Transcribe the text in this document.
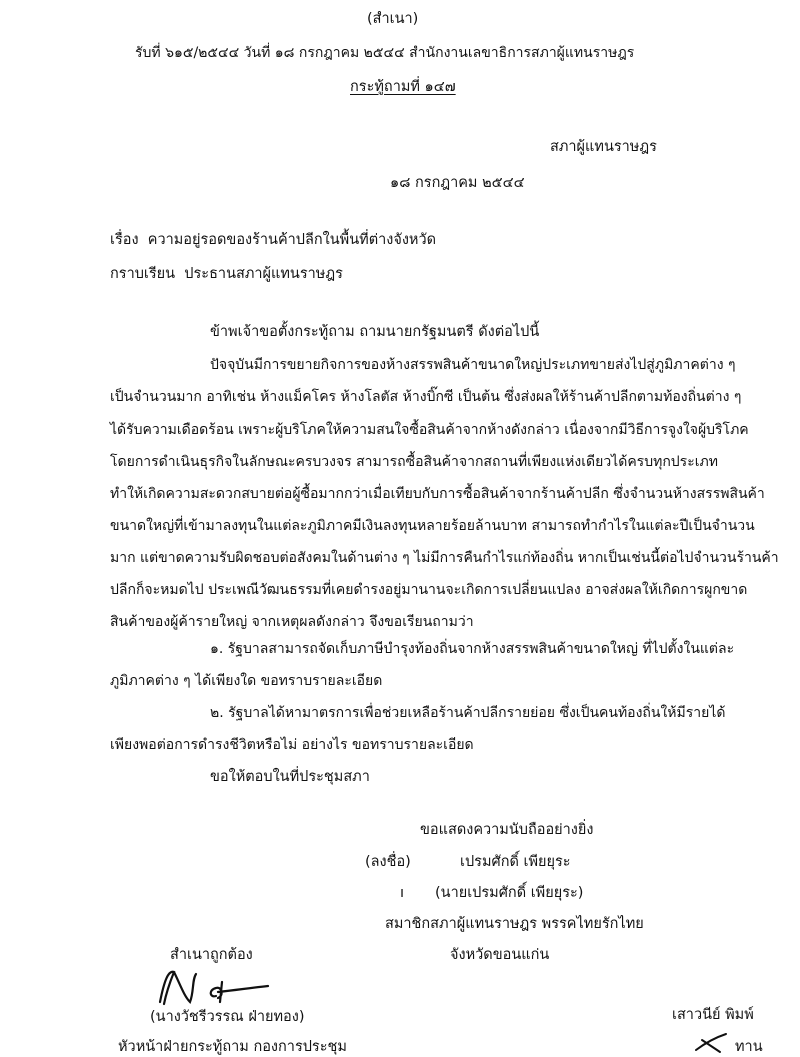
(สำเนา)
รับที่ ๖๑๕/๒๕๔๔ วันที่ ๑๘ กรกฎาคม ๒๕๔๔ สำนักงานเลขาธิการสภาผู้แทนราษฎร
กระทู้ถามที่ ๑๔๗
สภาผู้แทนราษฎร
๑๘ กรกฎาคม ๒๕๔๔
เรื่อง ความอยู่รอดของร้านค้าปลีกในพื้นที่ต่างจังหวัด
กราบเรียน ประธานสภาผู้แทนราษฎร
ข้าพเจ้าขอตั้งกระทู้ถาม ถามนายกรัฐมนตรี ดังต่อไปนี้
ปัจจุบันมีการขยายกิจการของห้างสรรพสินค้าขนาดใหญ่ประเภทขายส่งไปสู่ภูมิภาคต่าง ๆ
เป็นจำนวนมาก อาทิเช่น ห้างแม็คโคร ห้างโลตัส ห้างบิ๊กซี เป็นต้น ซึ่งส่งผลให้ร้านค้าปลีกตามท้องถิ่นต่าง ๆ
ได้รับความเดือดร้อน เพราะผู้บริโภคให้ความสนใจซื้อสินค้าจากห้างดังกล่าว เนื่องจากมีวิธีการจูงใจผู้บริโภค
โดยการดำเนินธุรกิจในลักษณะครบวงจร สามารถซื้อสินค้าจากสถานที่เพียงแห่งเดียวได้ครบทุกประเภท
ทำให้เกิดความสะดวกสบายต่อผู้ซื้อมากกว่าเมื่อเทียบกับการซื้อสินค้าจากร้านค้าปลีก ซึ่งจำนวนห้างสรรพสินค้า
ขนาดใหญ่ที่เข้ามาลงทุนในแต่ละภูมิภาคมีเงินลงทุนหลายร้อยล้านบาท สามารถทำกำไรในแต่ละปีเป็นจำนวน
มาก แต่ขาดความรับผิดชอบต่อสังคมในด้านต่าง ๆ ไม่มีการคืนกำไรแก่ท้องถิ่น หากเป็นเช่นนี้ต่อไปจำนวนร้านค้า
ปลีกก็จะหมดไป ประเพณีวัฒนธรรมที่เคยดำรงอยู่มานานจะเกิดการเปลี่ยนแปลง อาจส่งผลให้เกิดการผูกขาด
สินค้าของผู้ค้ารายใหญ่ จากเหตุผลดังกล่าว จึงขอเรียนถามว่า
๑. รัฐบาลสามารถจัดเก็บภาษีบำรุงท้องถิ่นจากห้างสรรพสินค้าขนาดใหญ่ ที่ไปตั้งในแต่ละ
ภูมิภาคต่าง ๆ ได้เพียงใด ขอทราบรายละเอียด
๒. รัฐบาลได้หามาตรการเพื่อช่วยเหลือร้านค้าปลีกรายย่อย ซึ่งเป็นคนท้องถิ่นให้มีรายได้
เพียงพอต่อการดำรงชีวิตหรือไม่ อย่างไร ขอทราบรายละเอียด
ขอให้ตอบในที่ประชุมสภา
ขอแสดงความนับถืออย่างยิ่ง
(ลงชื่อ)	เปรมศักดิ์ เพียยุระ
ı (นายเปรมศักดิ์ เพียยุระ)
สมาชิกสภาผู้แทนราษฎร พรรคไทยรักไทย
จังหวัดขอนแก่น
สำเนาถูกต้อง
(นางวัชรีวรรณ ฝ่ายทอง)
หัวหน้าฝ่ายกระทู้ถาม กองการประชุม
เสาวนีย์ พิมพ์
ทาน
